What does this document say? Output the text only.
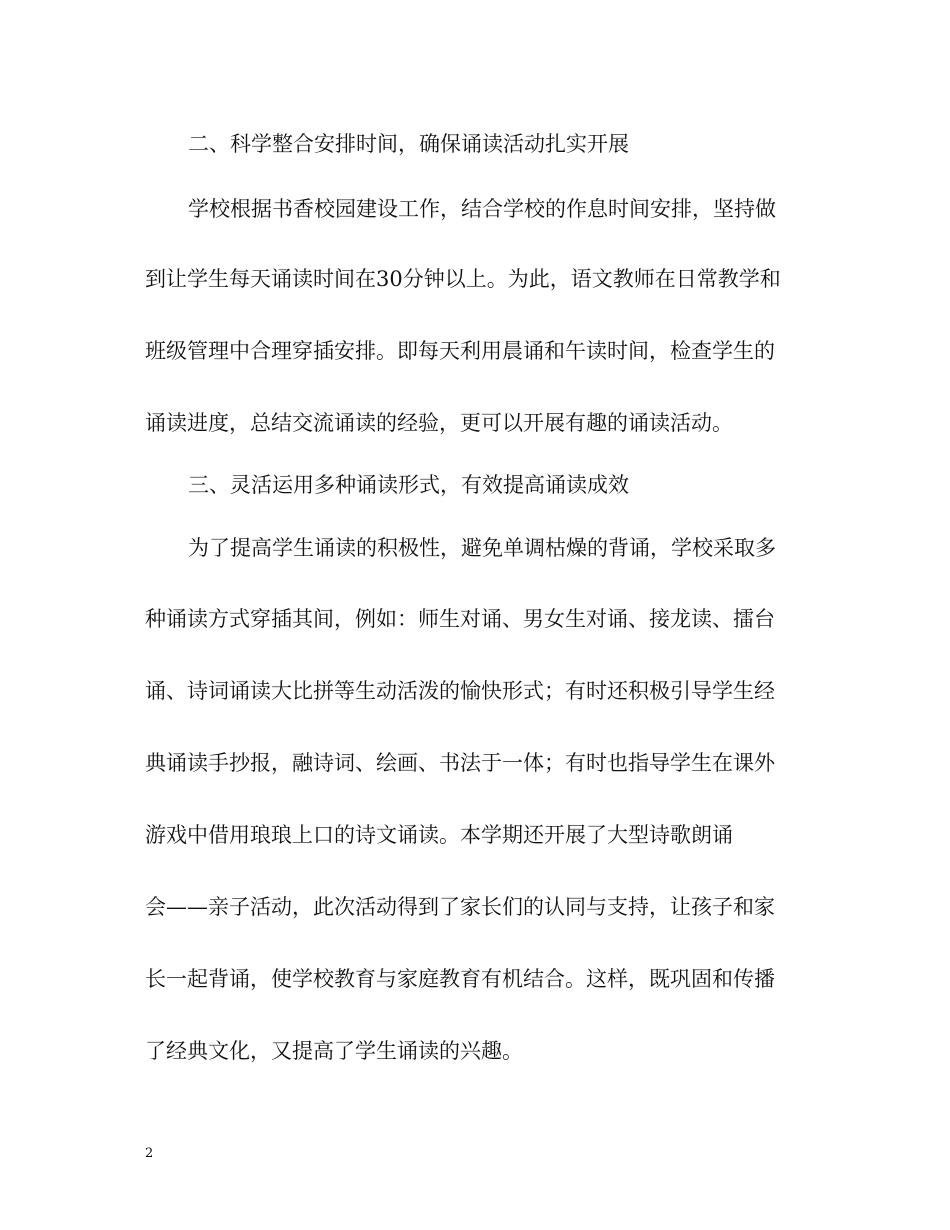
二、科学整合安排时间，确保诵读活动扎实开展
学校根据书香校园建设工作，结合学校的作息时间安排，坚持做
到让学生每天诵读时间在30分钟以上。为此，语文教师在日常教学和
班级管理中合理穿插安排。即每天利用晨诵和午读时间，检查学生的
诵读进度，总结交流诵读的经验，更可以开展有趣的诵读活动。
三、灵活运用多种诵读形式，有效提高诵读成效
为了提高学生诵读的积极性，避免单调枯燥的背诵，学校采取多
种诵读方式穿插其间，例如：师生对诵、男女生对诵、接龙读、擂台
诵、诗词诵读大比拼等生动活泼的愉快形式；有时还积极引导学生经
典诵读手抄报，融诗词、绘画、书法于一体；有时也指导学生在课外
游戏中借用琅琅上口的诗文诵读。本学期还开展了大型诗歌朗诵
会——亲子活动，此次活动得到了家长们的认同与支持，让孩子和家
长一起背诵，使学校教育与家庭教育有机结合。这样，既巩固和传播
了经典文化，又提高了学生诵读的兴趣。
2
